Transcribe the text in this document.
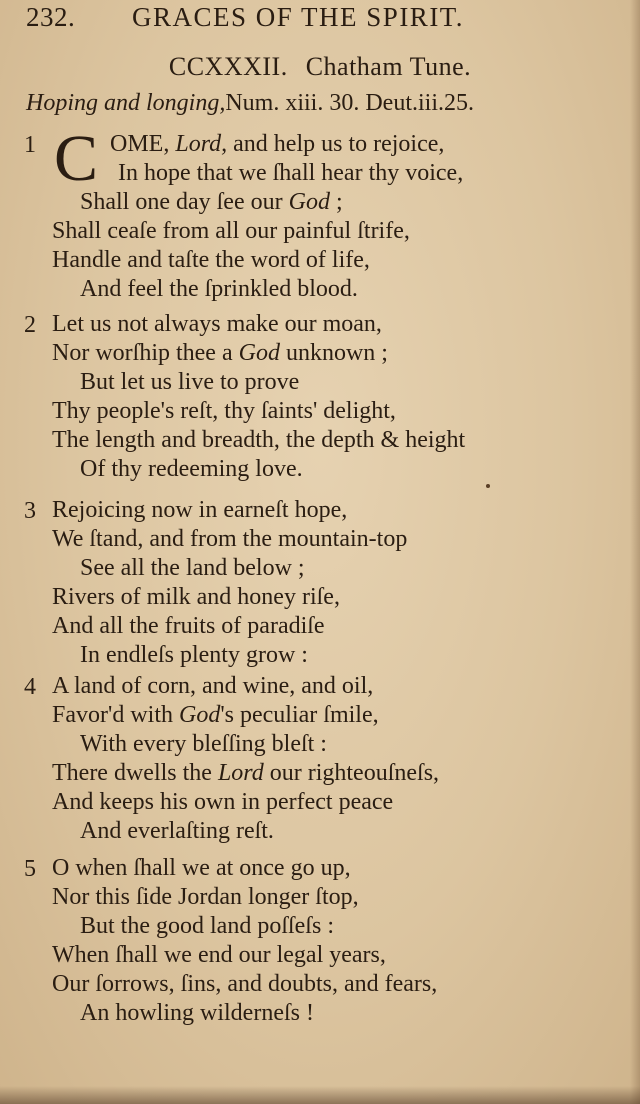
232. GRACES OF THE SPIRIT.
CCXXXII. Chatham Tune.
Hoping and longing,Num. xiii. 30. Deut.iii.25.
1 C OME, Lord, and help us to rejoice,
In hope that we ſhall hear thy voice,
Shall one day ſee our God ;
Shall ceaſe from all our painful ſtrife,
Handle and taſte the word of life,
And feel the ſprinkled blood.
2 Let us not always make our moan,
Nor worſhip thee a God unknown ;
But let us live to prove
Thy people's reſt, thy ſaints' delight,
The length and breadth, the depth & height
Of thy redeeming love.
3 Rejoicing now in earneſt hope,
We ſtand, and from the mountain-top
See all the land below ;
Rivers of milk and honey riſe,
And all the fruits of paradiſe
In endleſs plenty grow :
4 A land of corn, and wine, and oil,
Favor'd with God's peculiar ſmile,
With every bleſſing bleſt :
There dwells the Lord our righteouſneſs,
And keeps his own in perfect peace
And everlaſting reſt.
5 O when ſhall we at once go up,
Nor this ſide Jordan longer ſtop,
But the good land poſſeſs :
When ſhall we end our legal years,
Our ſorrows, ſins, and doubts, and fears,
An howling wilderneſs !
